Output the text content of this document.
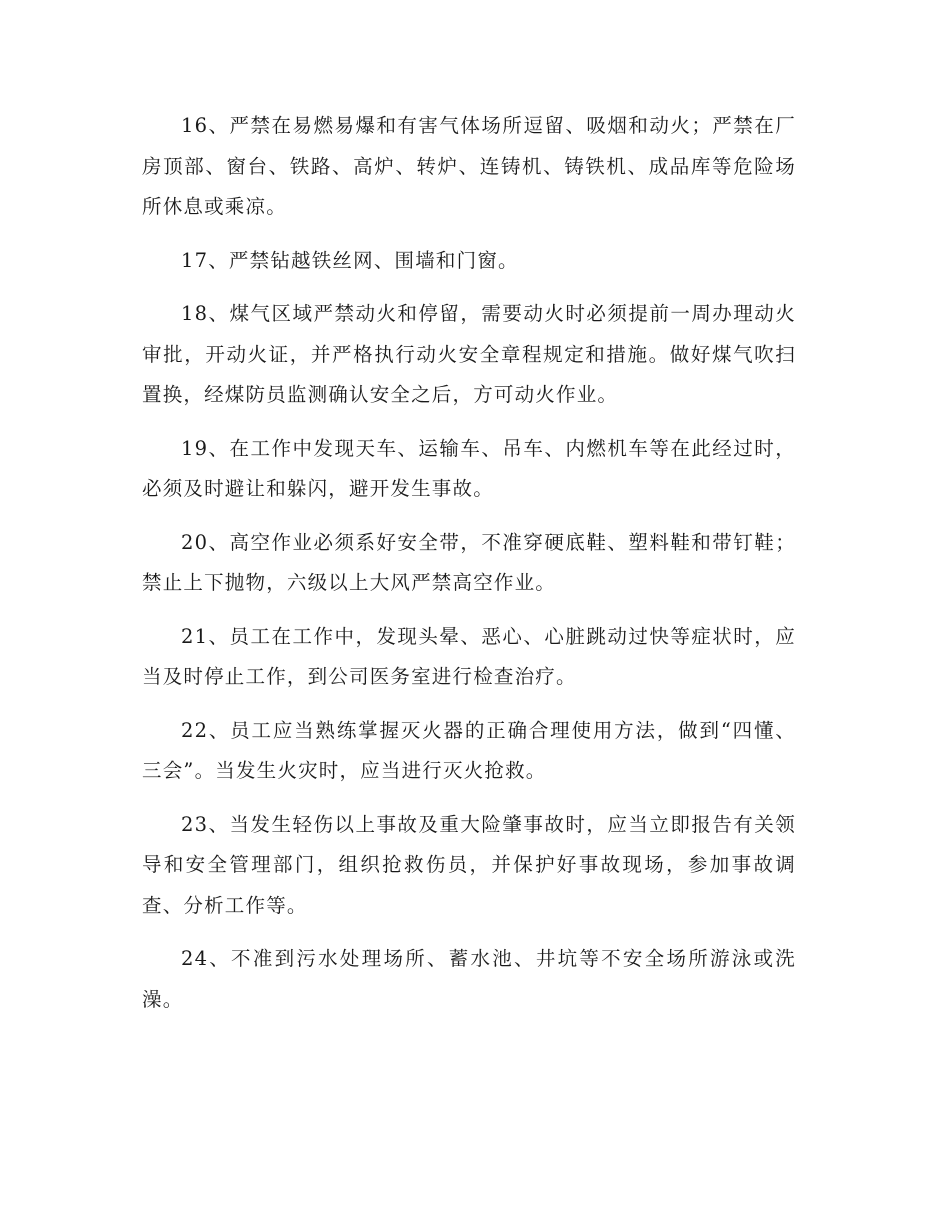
16、严禁在易燃易爆和有害气体场所逗留、吸烟和动火；严禁在厂房顶部、窗台、铁路、高炉、转炉、连铸机、铸铁机、成品库等危险场所休息或乘凉。

17、严禁钻越铁丝网、围墙和门窗。

18、煤气区域严禁动火和停留，需要动火时必须提前一周办理动火审批，开动火证，并严格执行动火安全章程规定和措施。做好煤气吹扫置换，经煤防员监测确认安全之后，方可动火作业。

19、在工作中发现天车、运输车、吊车、内燃机车等在此经过时，必须及时避让和躲闪，避开发生事故。

20、高空作业必须系好安全带，不准穿硬底鞋、塑料鞋和带钉鞋；禁止上下抛物，六级以上大风严禁高空作业。

21、员工在工作中，发现头晕、恶心、心脏跳动过快等症状时，应当及时停止工作，到公司医务室进行检查治疗。

22、员工应当熟练掌握灭火器的正确合理使用方法，做到“四懂、三会”。当发生火灾时，应当进行灭火抢救。

23、当发生轻伤以上事故及重大险肇事故时，应当立即报告有关领导和安全管理部门，组织抢救伤员，并保护好事故现场，参加事故调查、分析工作等。

24、不准到污水处理场所、蓄水池、井坑等不安全场所游泳或洗澡。
